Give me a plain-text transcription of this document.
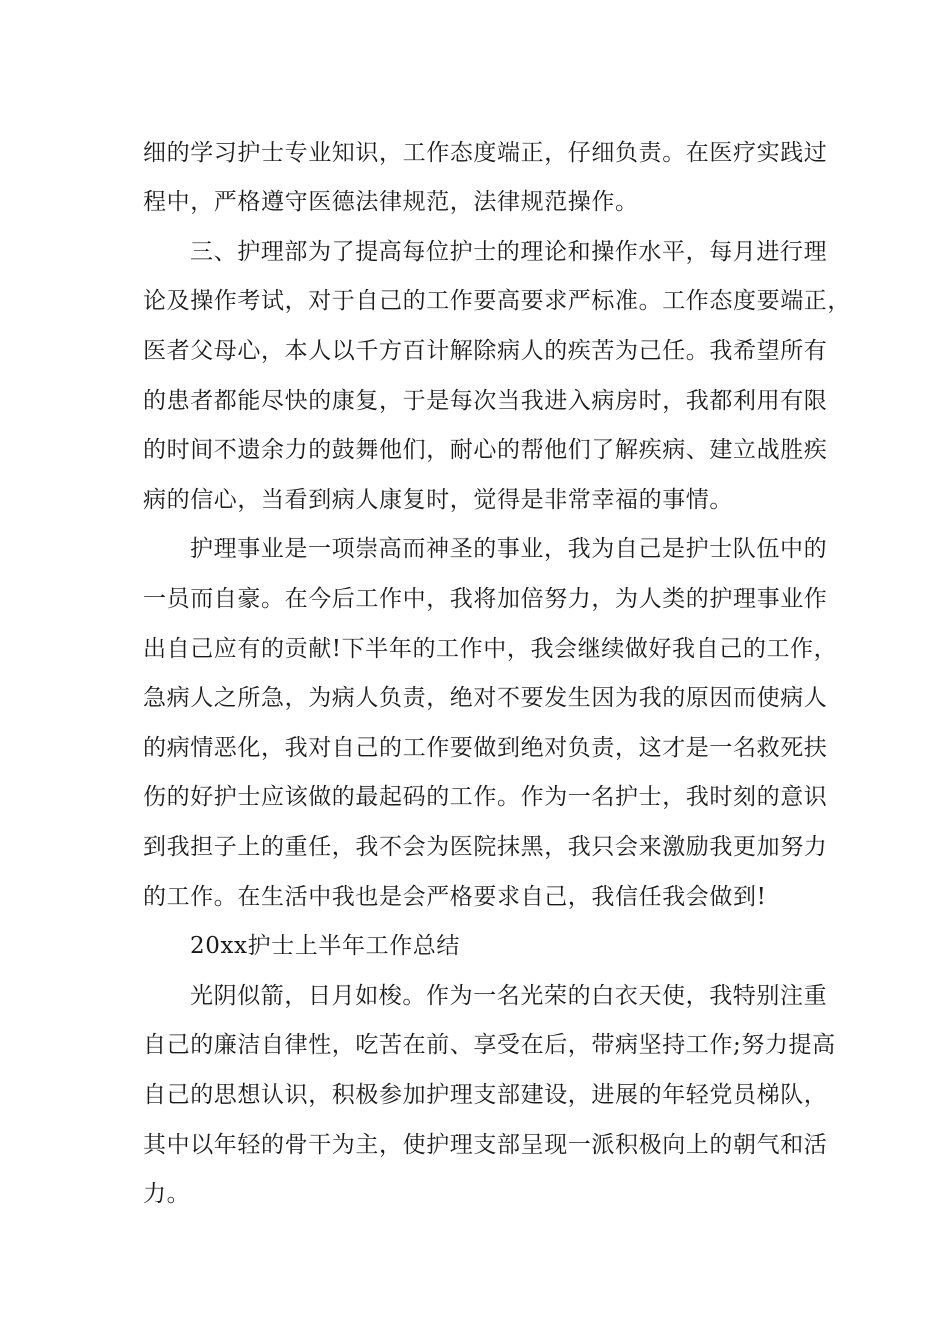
细的学习护士专业知识，工作态度端正，仔细负责。在医疗实践过
程中，严格遵守医德法律规范，法律规范操作。
三、护理部为了提高每位护士的理论和操作水平，每月进行理
论及操作考试，对于自己的工作要高要求严标准。工作态度要端正，
医者父母心，本人以千方百计解除病人的疾苦为己任。我希望所有
的患者都能尽快的康复，于是每次当我进入病房时，我都利用有限
的时间不遗余力的鼓舞他们，耐心的帮他们了解疾病、建立战胜疾
病的信心，当看到病人康复时，觉得是非常幸福的事情。
护理事业是一项崇高而神圣的事业，我为自己是护士队伍中的
一员而自豪。在今后工作中，我将加倍努力，为人类的护理事业作
出自己应有的贡献!下半年的工作中，我会继续做好我自己的工作，
急病人之所急，为病人负责，绝对不要发生因为我的原因而使病人
的病情恶化，我对自己的工作要做到绝对负责，这才是一名救死扶
伤的好护士应该做的最起码的工作。作为一名护士，我时刻的意识
到我担子上的重任，我不会为医院抹黑，我只会来激励我更加努力
的工作。在生活中我也是会严格要求自己，我信任我会做到!
20xx护士上半年工作总结
光阴似箭，日月如梭。作为一名光荣的白衣天使，我特别注重
自己的廉洁自律性，吃苦在前、享受在后，带病坚持工作;努力提高
自己的思想认识，积极参加护理支部建设，进展的年轻党员梯队，
其中以年轻的骨干为主，使护理支部呈现一派积极向上的朝气和活
力。
